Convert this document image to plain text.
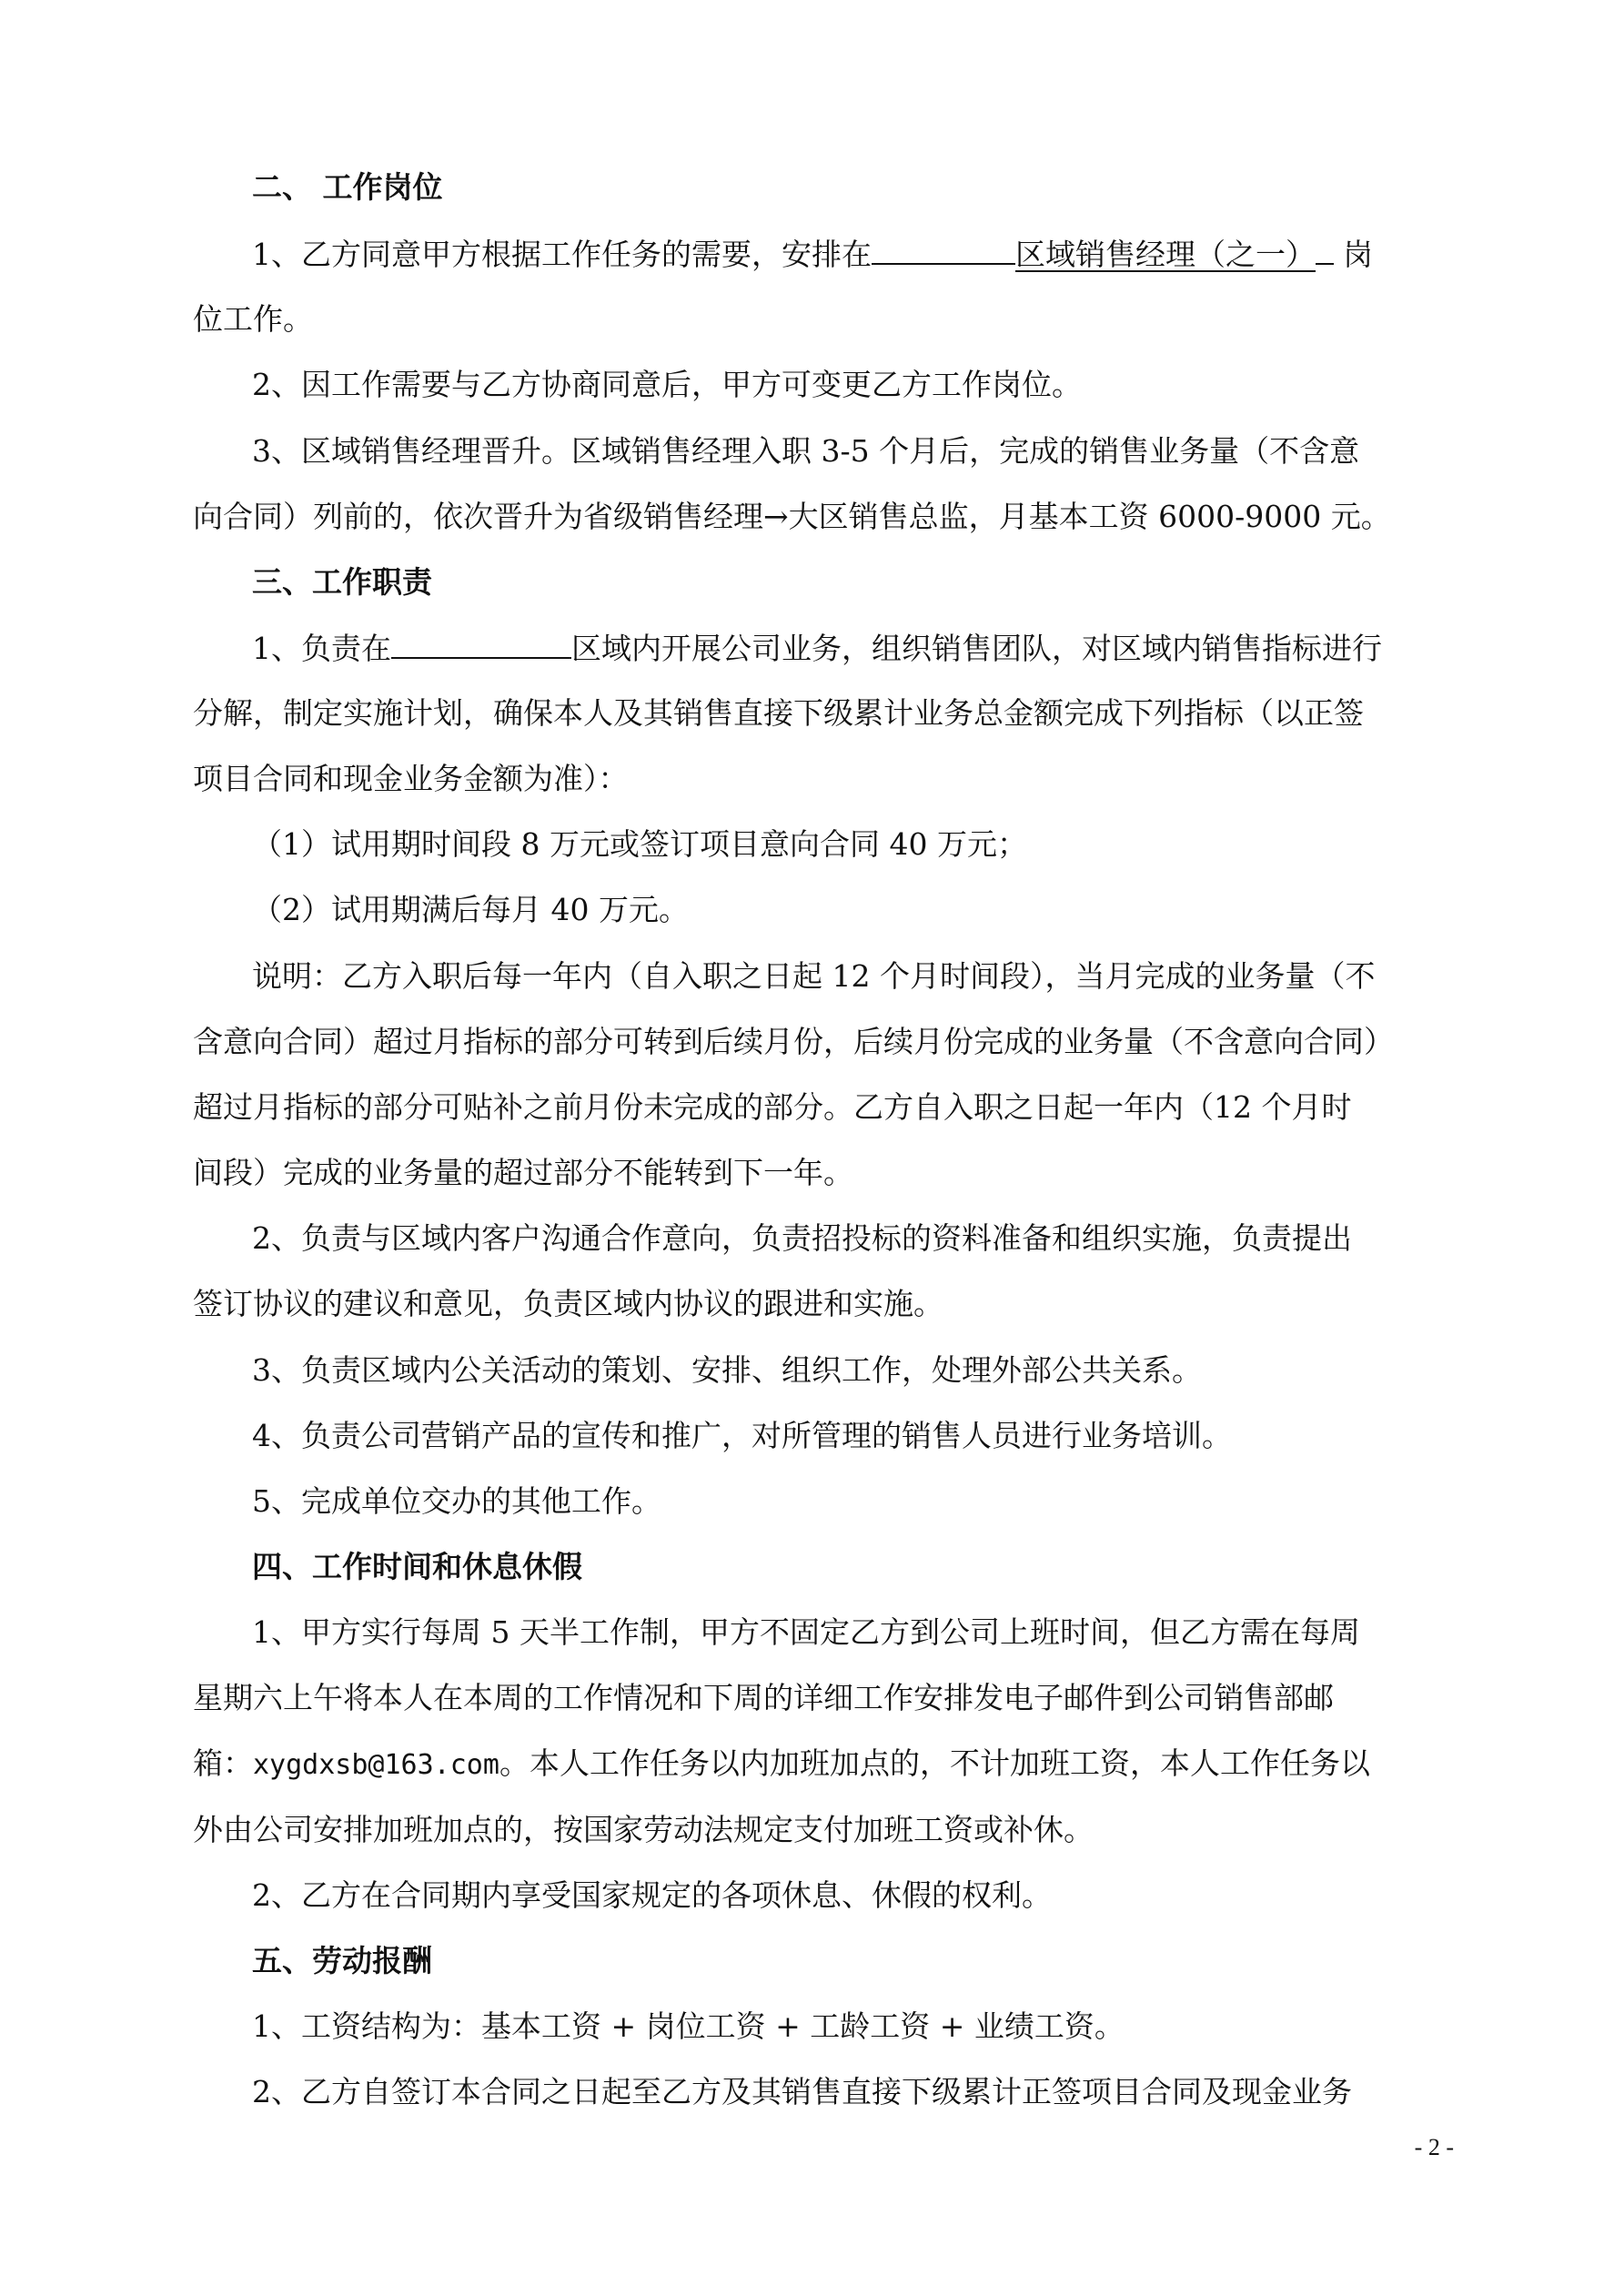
二、 工作岗位
1、乙方同意甲方根据工作任务的需要，安排在	区域销售经理（之一） 岗
位工作。
2、因工作需要与乙方协商同意后，甲方可变更乙方工作岗位。
3、区域销售经理晋升。区域销售经理入职 3-5 个月后，完成的销售业务量（不含意
向合同）列前的，依次晋升为省级销售经理→大区销售总监，月基本工资 6000-9000 元。
三、工作职责
1、负责在	区域内开展公司业务，组织销售团队，对区域内销售指标进行
分解，制定实施计划，确保本人及其销售直接下级累计业务总金额完成下列指标（以正签
项目合同和现金业务金额为准）：
（1）试用期时间段 8 万元或签订项目意向合同 40 万元；
（2）试用期满后每月 40 万元。
说明：乙方入职后每一年内（自入职之日起 12 个月时间段），当月完成的业务量（不
含意向合同）超过月指标的部分可转到后续月份，后续月份完成的业务量（不含意向合同）
超过月指标的部分可贴补之前月份未完成的部分。乙方自入职之日起一年内（12 个月时
间段）完成的业务量的超过部分不能转到下一年。
2、负责与区域内客户沟通合作意向，负责招投标的资料准备和组织实施，负责提出
签订协议的建议和意见，负责区域内协议的跟进和实施。
3、负责区域内公关活动的策划、安排、组织工作，处理外部公共关系。
4、负责公司营销产品的宣传和推广，对所管理的销售人员进行业务培训。
5、完成单位交办的其他工作。
四、工作时间和休息休假
1、甲方实行每周 5 天半工作制，甲方不固定乙方到公司上班时间，但乙方需在每周
星期六上午将本人在本周的工作情况和下周的详细工作安排发电子邮件到公司销售部邮
箱：xygdxsb@163.com。本人工作任务以内加班加点的，不计加班工资，本人工作任务以
外由公司安排加班加点的，按国家劳动法规定支付加班工资或补休。
2、乙方在合同期内享受国家规定的各项休息、休假的权利。
五、劳动报酬
1、工资结构为：基本工资 + 岗位工资 + 工龄工资 + 业绩工资。
2、乙方自签订本合同之日起至乙方及其销售直接下级累计正签项目合同及现金业务
- 2 -
